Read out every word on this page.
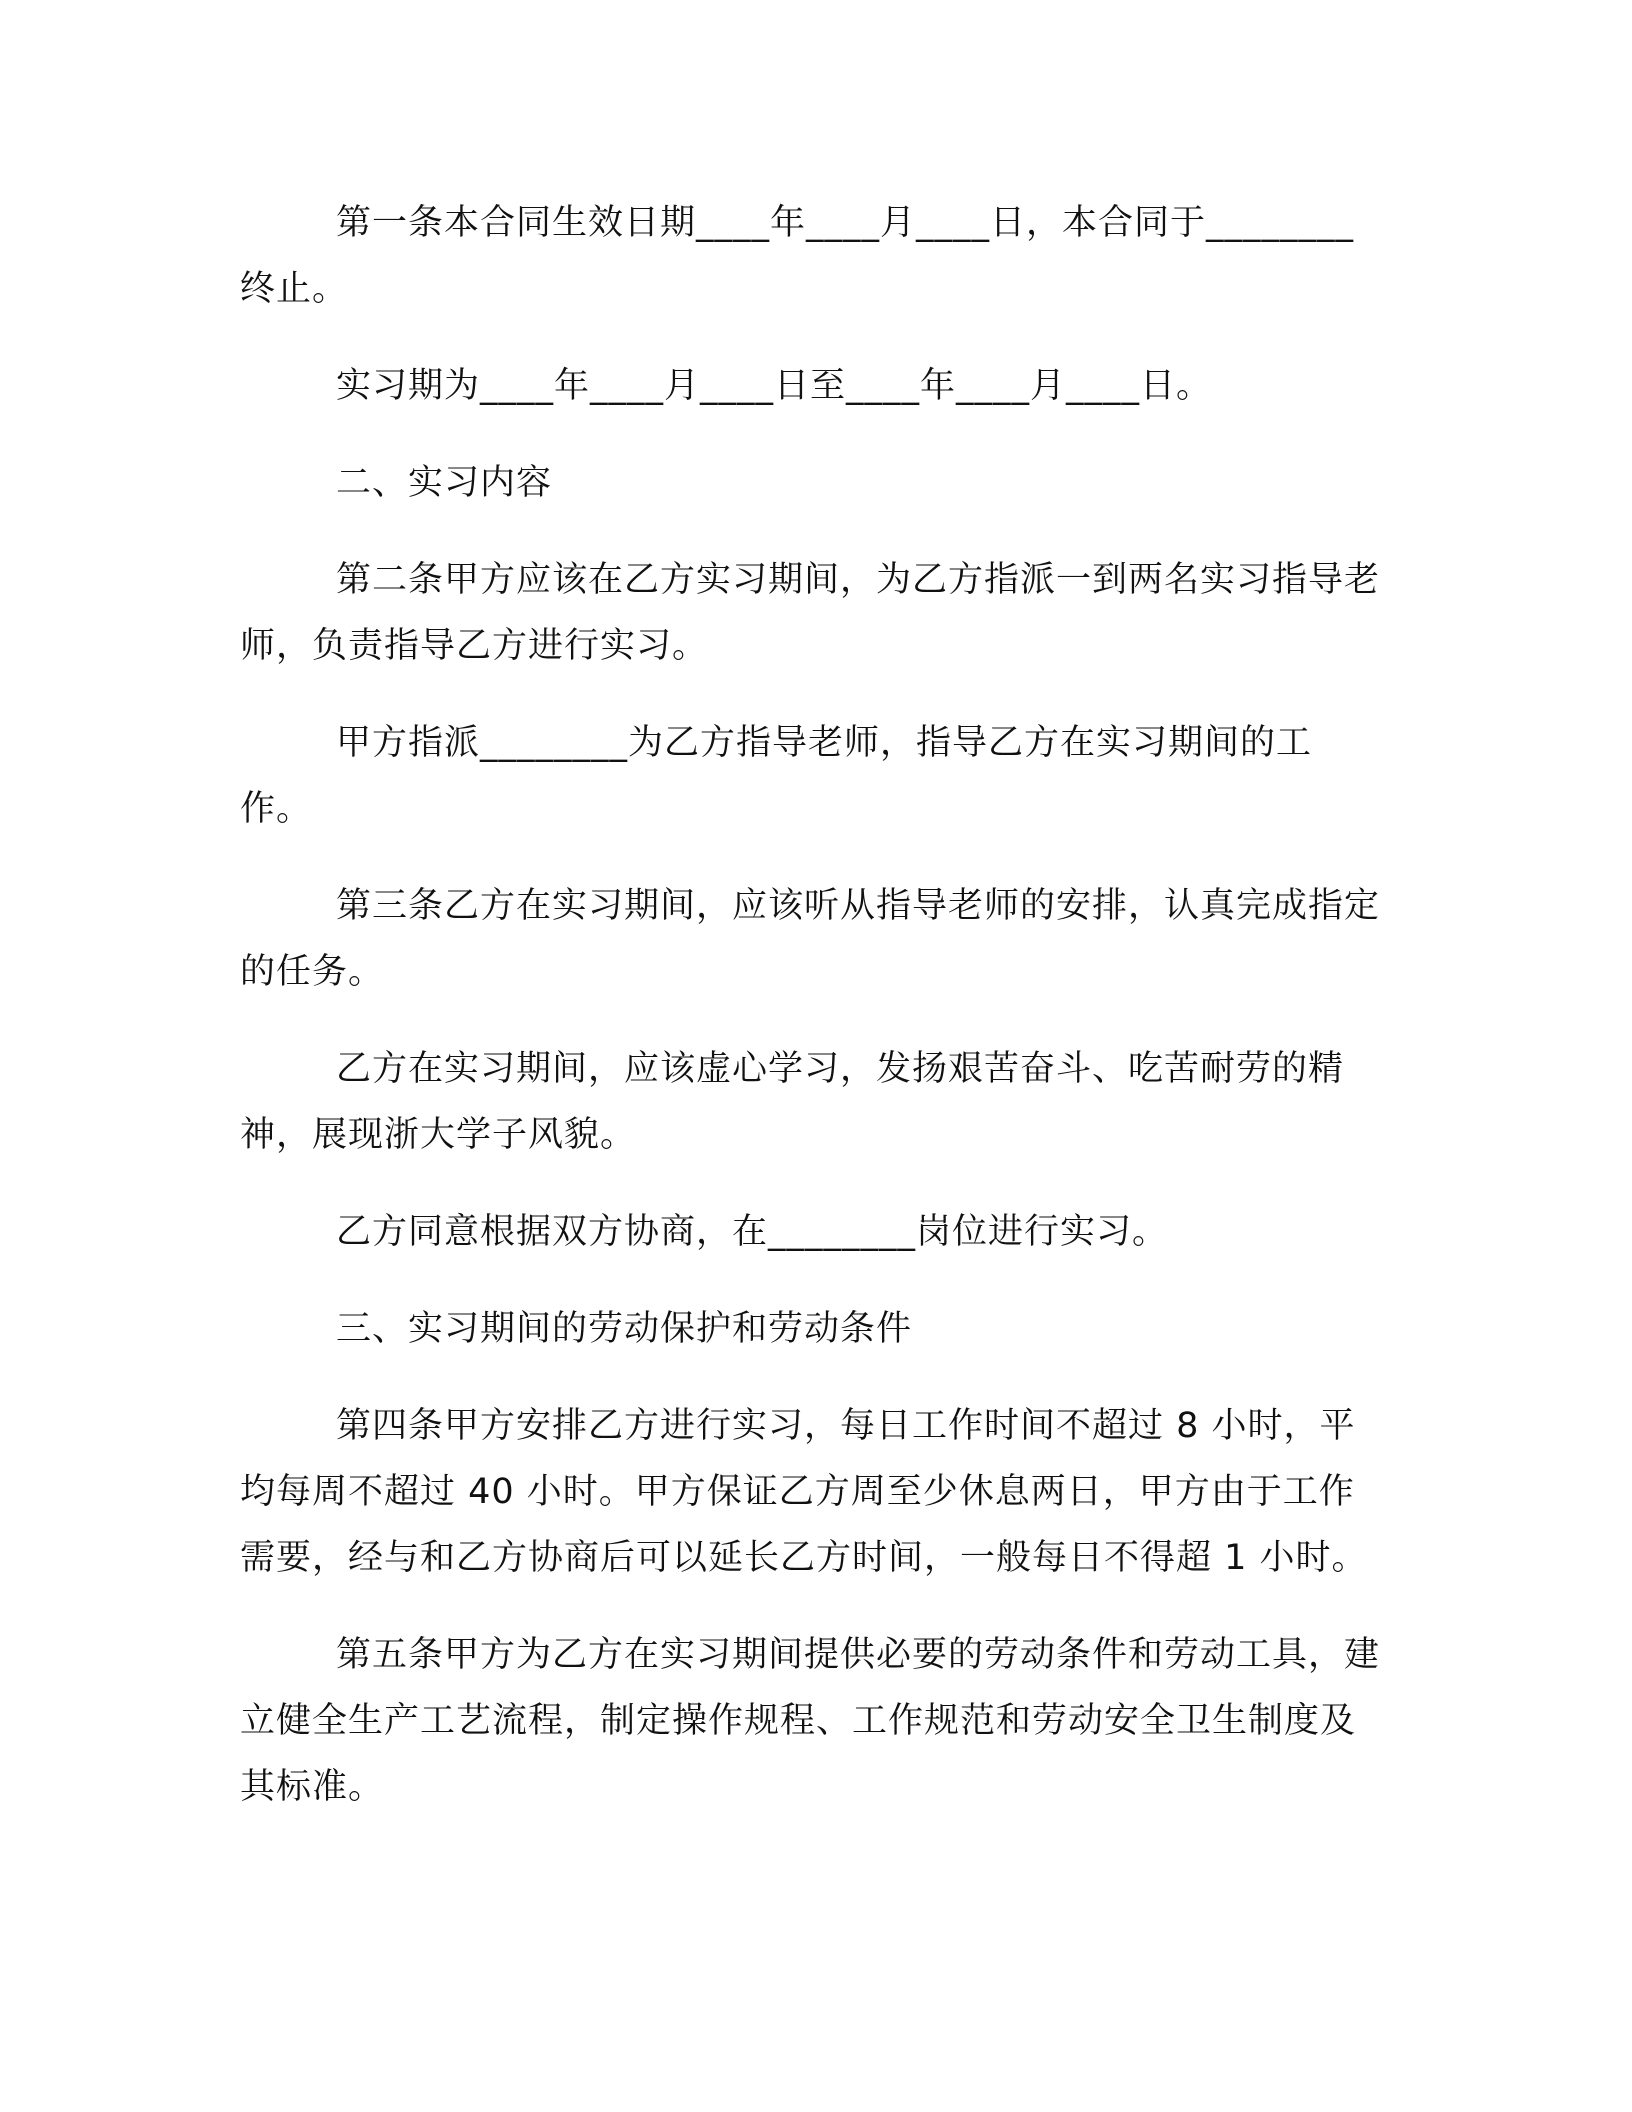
第一条本合同生效日期____年____月____日，本合同于________终止。

实习期为____年____月____日至____年____月____日。

二、实习内容

第二条甲方应该在乙方实习期间，为乙方指派一到两名实习指导老师，负责指导乙方进行实习。

甲方指派________为乙方指导老师，指导乙方在实习期间的工作。

第三条乙方在实习期间，应该听从指导老师的安排，认真完成指定的任务。

乙方在实习期间，应该虚心学习，发扬艰苦奋斗、吃苦耐劳的精神，展现浙大学子风貌。

乙方同意根据双方协商，在________岗位进行实习。

三、实习期间的劳动保护和劳动条件

第四条甲方安排乙方进行实习，每日工作时间不超过 8 小时，平均每周不超过 40 小时。甲方保证乙方周至少休息两日，甲方由于工作需要，经与和乙方协商后可以延长乙方时间，一般每日不得超 1 小时。

第五条甲方为乙方在实习期间提供必要的劳动条件和劳动工具，建立健全生产工艺流程，制定操作规程、工作规范和劳动安全卫生制度及其标准。
